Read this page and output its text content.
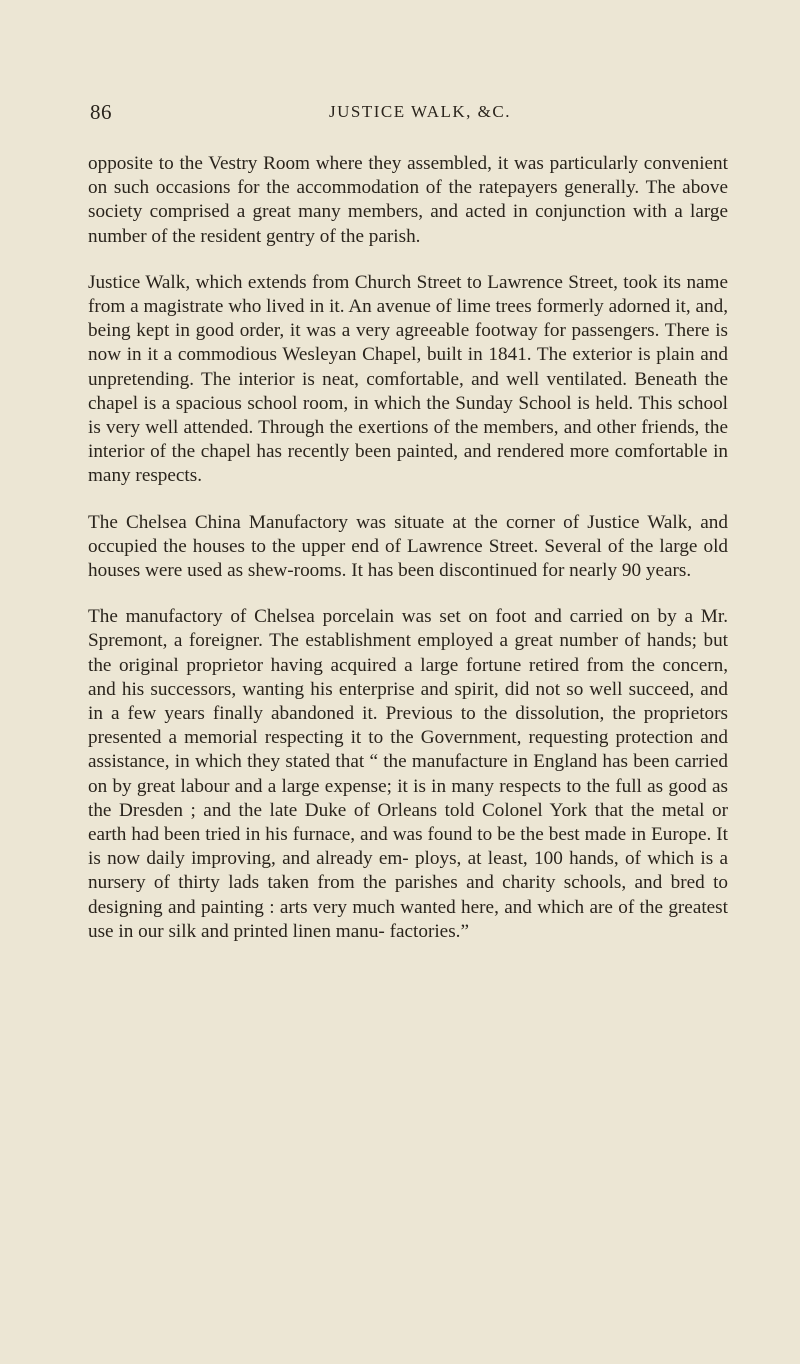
86	JUSTICE WALK, &C.

opposite to the Vestry Room where they assembled, it was particularly convenient on such occasions for the accommodation of the ratepayers generally. The above society comprised a great many members, and acted in conjunction with a large number of the resident gentry of the parish.

Justice Walk, which extends from Church Street to Lawrence Street, took its name from a magistrate who lived in it. An avenue of lime trees formerly adorned it, and, being kept in good order, it was a very agreeable footway for passengers. There is now in it a commodious Wesleyan Chapel, built in 1841. The exterior is plain and unpretending. The interior is neat, comfortable, and well ventilated. Beneath the chapel is a spacious school room, in which the Sunday School is held. This school is very well attended. Through the exertions of the members, and other friends, the interior of the chapel has recently been painted, and rendered more comfortable in many respects.

The Chelsea China Manufactory was situate at the corner of Justice Walk, and occupied the houses to the upper end of Lawrence Street. Several of the large old houses were used as shew-rooms. It has been discontinued for nearly 90 years.

The manufactory of Chelsea porcelain was set on foot and carried on by a Mr. Spremont, a foreigner. The establishment employed a great number of hands; but the original proprietor having acquired a large fortune retired from the concern, and his successors, wanting his enterprise and spirit, did not so well succeed, and in a few years finally abandoned it. Previous to the dissolution, the proprietors presented a memorial respecting it to the Government, requesting protection and assistance, in which they stated that “ the manufacture in England has been carried on by great labour and a large expense; it is in many respects to the full as good as the Dresden ; and the late Duke of Orleans told Colonel York that the metal or earth had been tried in his furnace, and was found to be the best made in Europe. It is now daily improving, and already em- ploys, at least, 100 hands, of which is a nursery of thirty lads taken from the parishes and charity schools, and bred to designing and painting : arts very much wanted here, and which are of the greatest use in our silk and printed linen manu- factories.”
